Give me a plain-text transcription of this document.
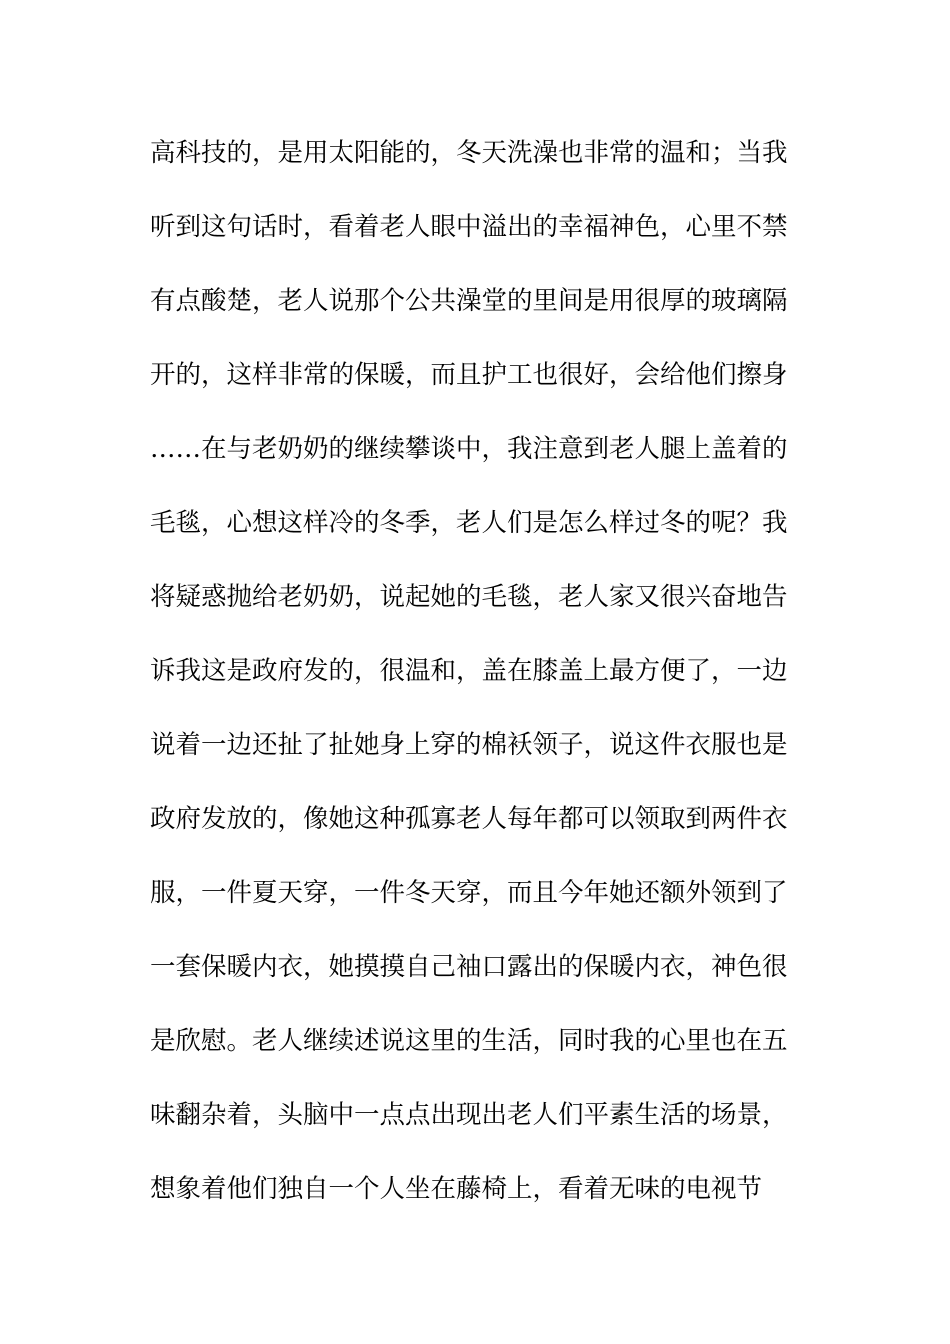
高科技的，是用太阳能的，冬天洗澡也非常的温和；当我
听到这句话时，看着老人眼中溢出的幸福神色，心里不禁
有点酸楚，老人说那个公共澡堂的里间是用很厚的玻璃隔
开的，这样非常的保暖，而且护工也很好，会给他们擦身
……在与老奶奶的继续攀谈中，我注意到老人腿上盖着的
毛毯，心想这样冷的冬季，老人们是怎么样过冬的呢？我
将疑惑抛给老奶奶，说起她的毛毯，老人家又很兴奋地告
诉我这是政府发的，很温和，盖在膝盖上最方便了，一边
说着一边还扯了扯她身上穿的棉袄领子，说这件衣服也是
政府发放的，像她这种孤寡老人每年都可以领取到两件衣
服，一件夏天穿，一件冬天穿，而且今年她还额外领到了
一套保暖内衣，她摸摸自己袖口露出的保暖内衣，神色很
是欣慰。老人继续述说这里的生活，同时我的心里也在五
味翻杂着，头脑中一点点出现出老人们平素生活的场景，
想象着他们独自一个人坐在藤椅上，看着无味的电视节
